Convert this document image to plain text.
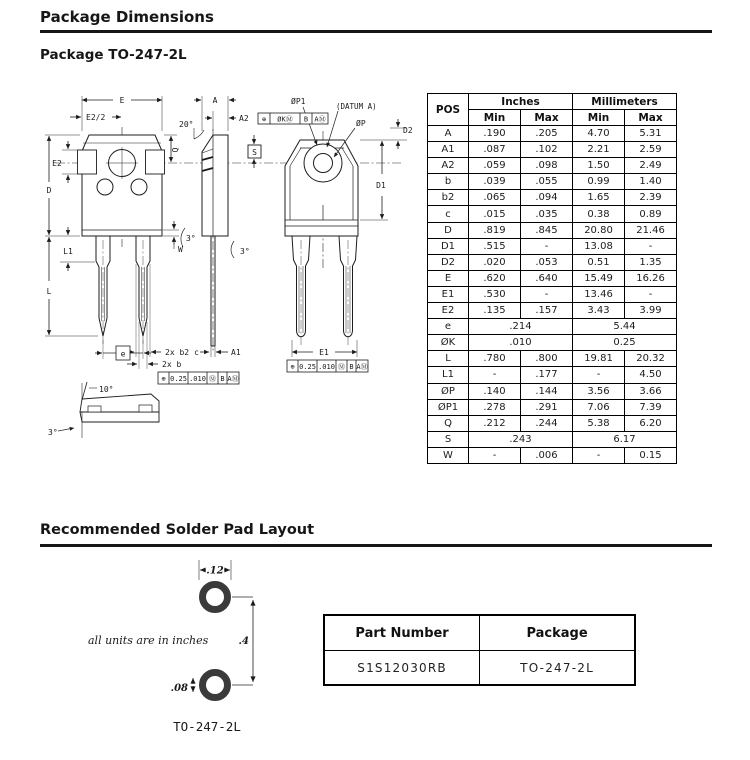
Package Dimensions
Package TO-247-2L
S
⊕ ØKⓂ B AⓂ
⊕ 0.25 .010 Ⓜ B AⓂ
⊕ 0.25 .010 Ⓜ B AⓂ
E
E2/2
A
A2
Q
E2
D
L1
L
W
3°
3°
20°
ØP1
(DATUM A)
ØP
D2
D1
E1
c	A1
2x b2
2x b
e
10°
3°
POS	Inches		Millimeters	
	Min	Max	Min	Max
A	.190	.205	4.70	5.31
A1	.087	.102	2.21	2.59
A2	.059	.098	1.50	2.49
b	.039	.055	0.99	1.40
b2	.065	.094	1.65	2.39
c	.015	.035	0.38	0.89
D	.819	.845	20.80	21.46
D1	.515	-	13.08	-
D2	.020	.053	0.51	1.35
E	.620	.640	15.49	16.26
E1	.530	-	13.46	-
E2	.135	.157	3.43	3.99
e	.214		5.44	
ØK	.010		0.25	
L	.780	.800	19.81	20.32
L1	-	.177	-	4.50
ØP	.140	.144	3.56	3.66
ØP1	.278	.291	7.06	7.39
Q	.212	.244	5.38	6.20
S	.243		6.17	
W	-	.006	-	0.15
Recommended Solder Pad Layout
.12
.4
.08
all units are in inches
TO-247-2L
Part Number	Package
S1S12030RB	TO-247-2L
